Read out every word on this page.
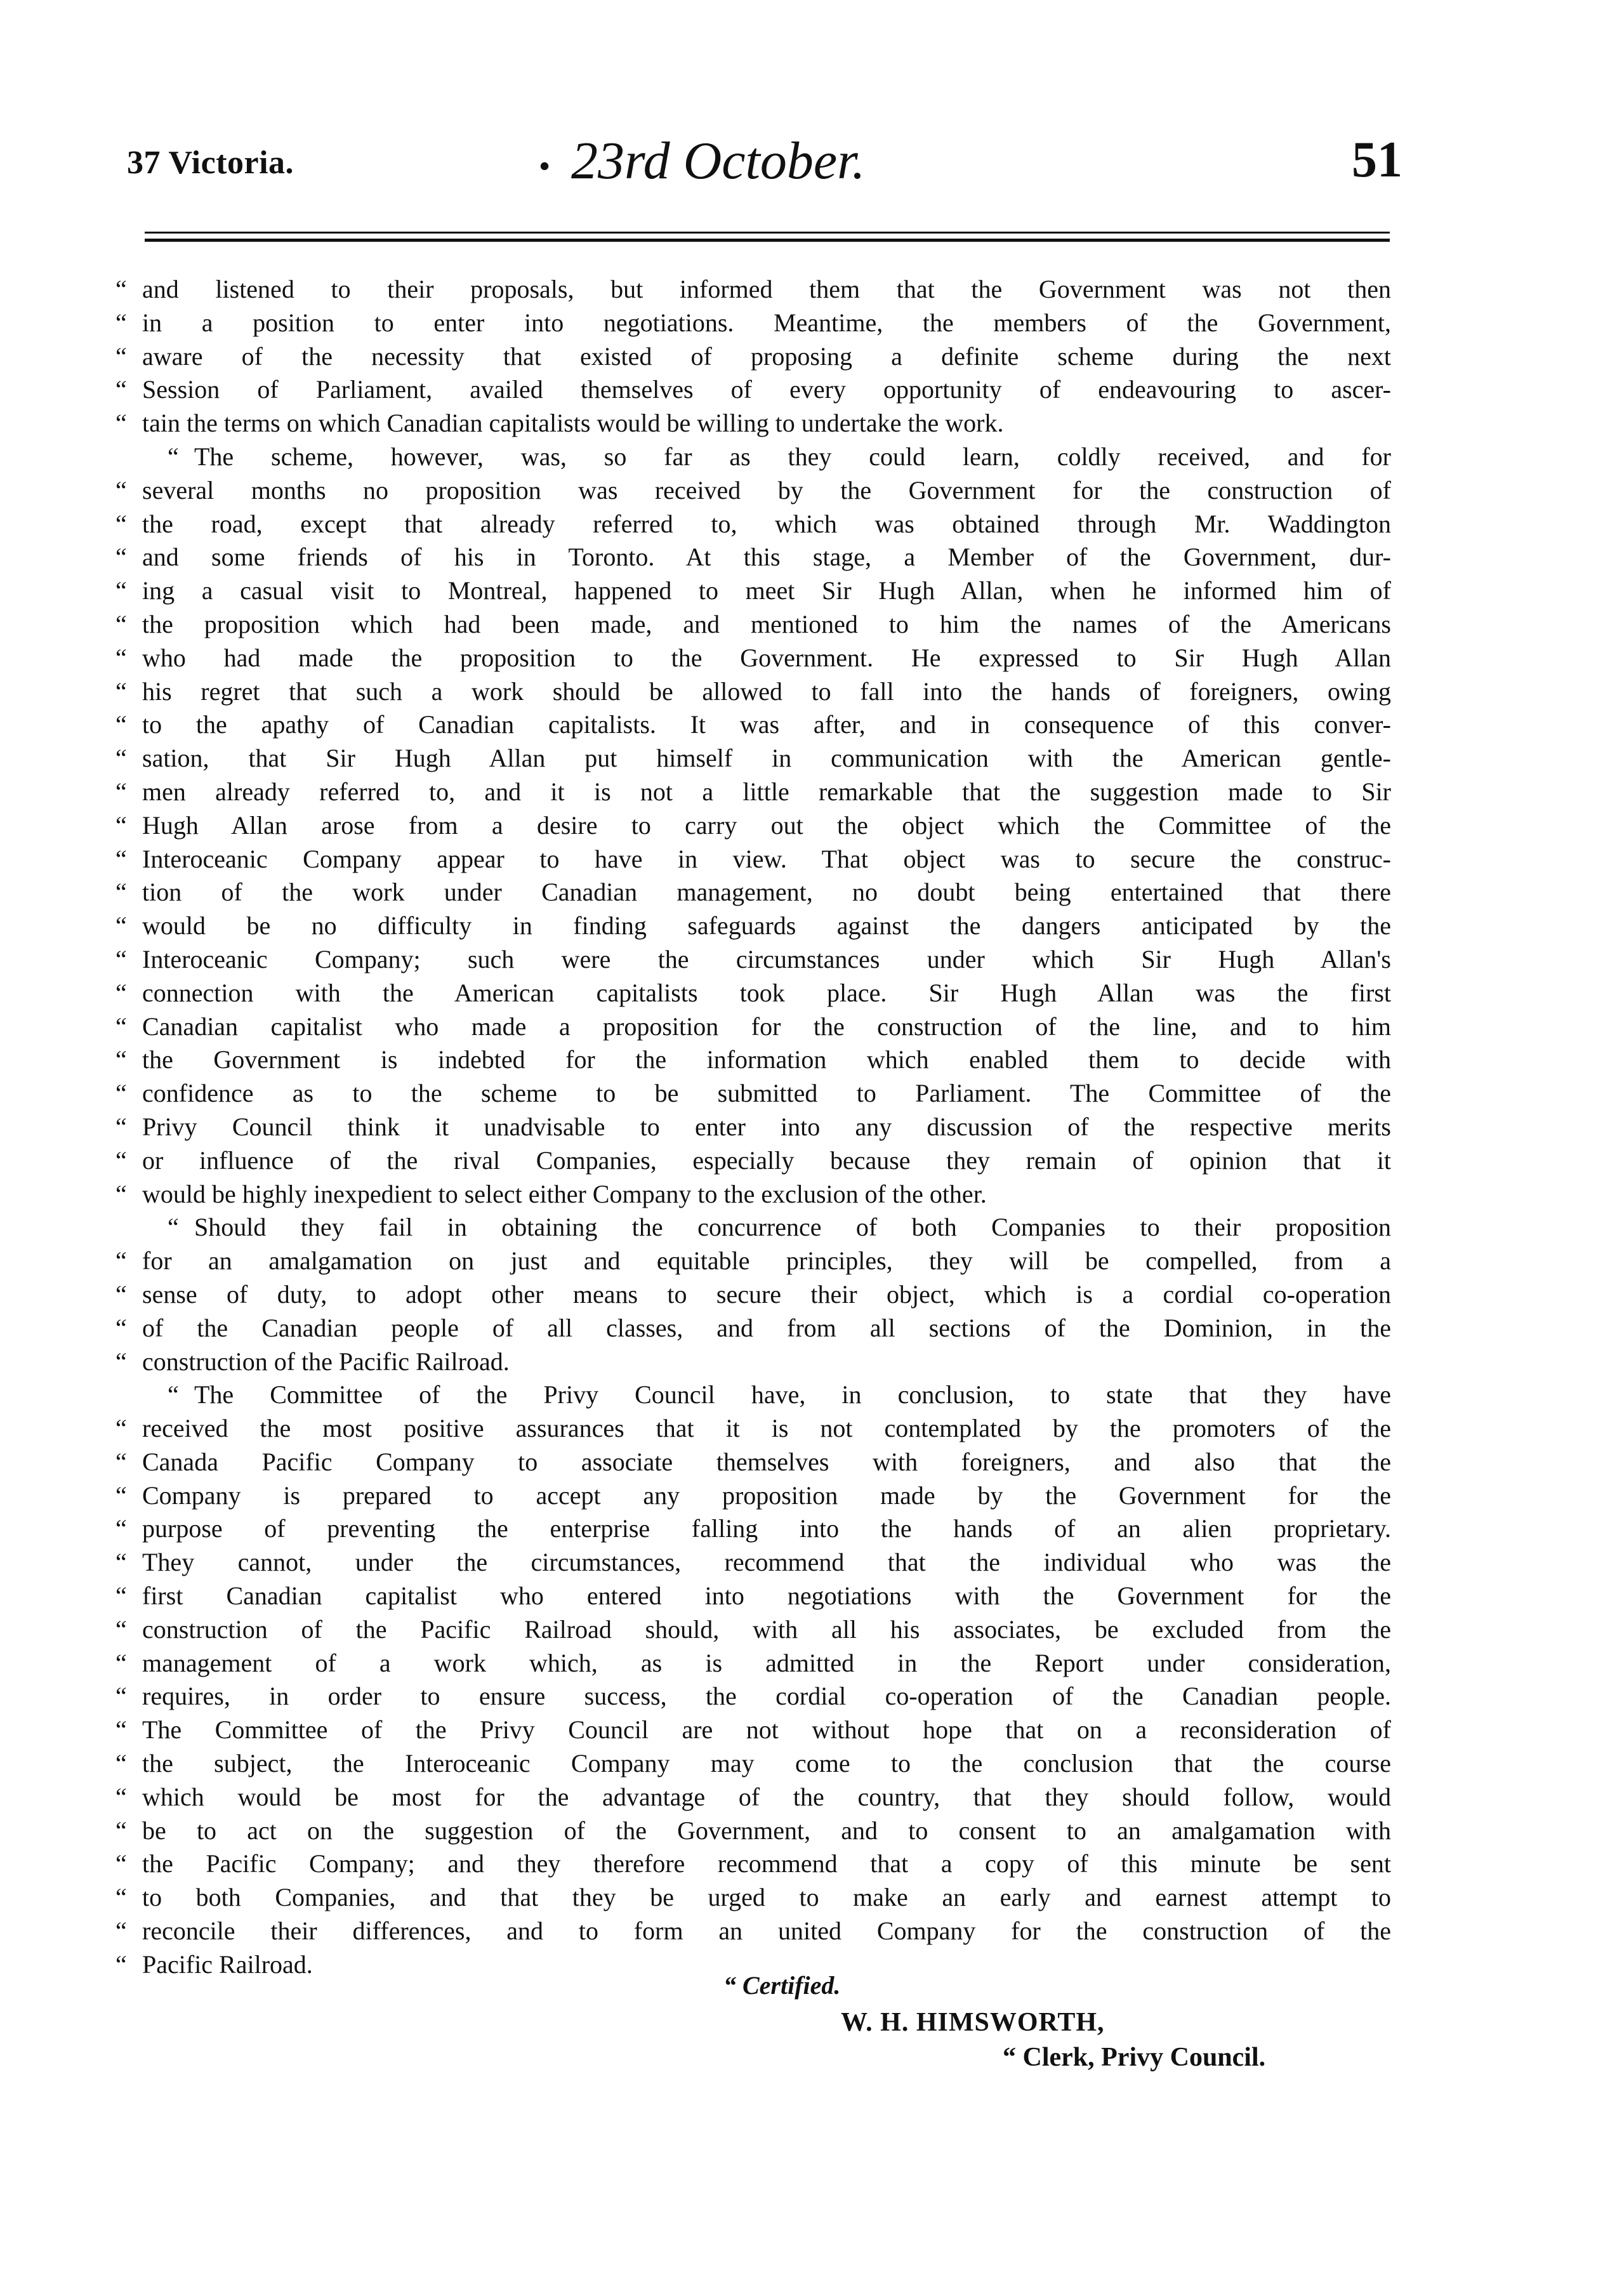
37 Victoria.	• 23rd October.	51
“ and listened to their proposals, but informed them that the Government was not then
“ in a position to enter into negotiations. Meantime, the members of the Government,
“ aware of the necessity that existed of proposing a definite scheme during the next
“ Session of Parliament, availed themselves of every opportunity of endeavouring to ascer-
“ tain the terms on which Canadian capitalists would be willing to undertake the work.
“ The scheme, however, was, so far as they could learn, coldly received, and for
“ several months no proposition was received by the Government for the construction of
“ the road, except that already referred to, which was obtained through Mr. Waddington
“ and some friends of his in Toronto. At this stage, a Member of the Government, dur-
“ ing a casual visit to Montreal, happened to meet Sir Hugh Allan, when he informed him of
“ the proposition which had been made, and mentioned to him the names of the Americans
“ who had made the proposition to the Government. He expressed to Sir Hugh Allan
“ his regret that such a work should be allowed to fall into the hands of foreigners, owing
“ to the apathy of Canadian capitalists. It was after, and in consequence of this conver-
“ sation, that Sir Hugh Allan put himself in communication with the American gentle-
“ men already referred to, and it is not a little remarkable that the suggestion made to Sir
“ Hugh Allan arose from a desire to carry out the object which the Committee of the
“ Interoceanic Company appear to have in view. That object was to secure the construc-
“ tion of the work under Canadian management, no doubt being entertained that there
“ would be no difficulty in finding safeguards against the dangers anticipated by the
“ Interoceanic Company; such were the circumstances under which Sir Hugh Allan's
“ connection with the American capitalists took place. Sir Hugh Allan was the first
“ Canadian capitalist who made a proposition for the construction of the line, and to him
“ the Government is indebted for the information which enabled them to decide with
“ confidence as to the scheme to be submitted to Parliament. The Committee of the
“ Privy Council think it unadvisable to enter into any discussion of the respective merits
“ or influence of the rival Companies, especially because they remain of opinion that it
“ would be highly inexpedient to select either Company to the exclusion of the other.
“ Should they fail in obtaining the concurrence of both Companies to their proposition
“ for an amalgamation on just and equitable principles, they will be compelled, from a
“ sense of duty, to adopt other means to secure their object, which is a cordial co-operation
“ of the Canadian people of all classes, and from all sections of the Dominion, in the
“ construction of the Pacific Railroad.
“ The Committee of the Privy Council have, in conclusion, to state that they have
“ received the most positive assurances that it is not contemplated by the promoters of the
“ Canada Pacific Company to associate themselves with foreigners, and also that the
“ Company is prepared to accept any proposition made by the Government for the
“ purpose of preventing the enterprise falling into the hands of an alien proprietary.
“ They cannot, under the circumstances, recommend that the individual who was the
“ first Canadian capitalist who entered into negotiations with the Government for the
“ construction of the Pacific Railroad should, with all his associates, be excluded from the
“ management of a work which, as is admitted in the Report under consideration,
“ requires, in order to ensure success, the cordial co-operation of the Canadian people.
“ The Committee of the Privy Council are not without hope that on a reconsideration of
“ the subject, the Interoceanic Company may come to the conclusion that the course
“ which would be most for the advantage of the country, that they should follow, would
“ be to act on the suggestion of the Government, and to consent to an amalgamation with
“ the Pacific Company; and they therefore recommend that a copy of this minute be sent
“ to both Companies, and that they be urged to make an early and earnest attempt to
“ reconcile their differences, and to form an united Company for the construction of the
“ Pacific Railroad.
“ Certified.
W. H. HIMSWORTH,
“ Clerk, Privy Council.
